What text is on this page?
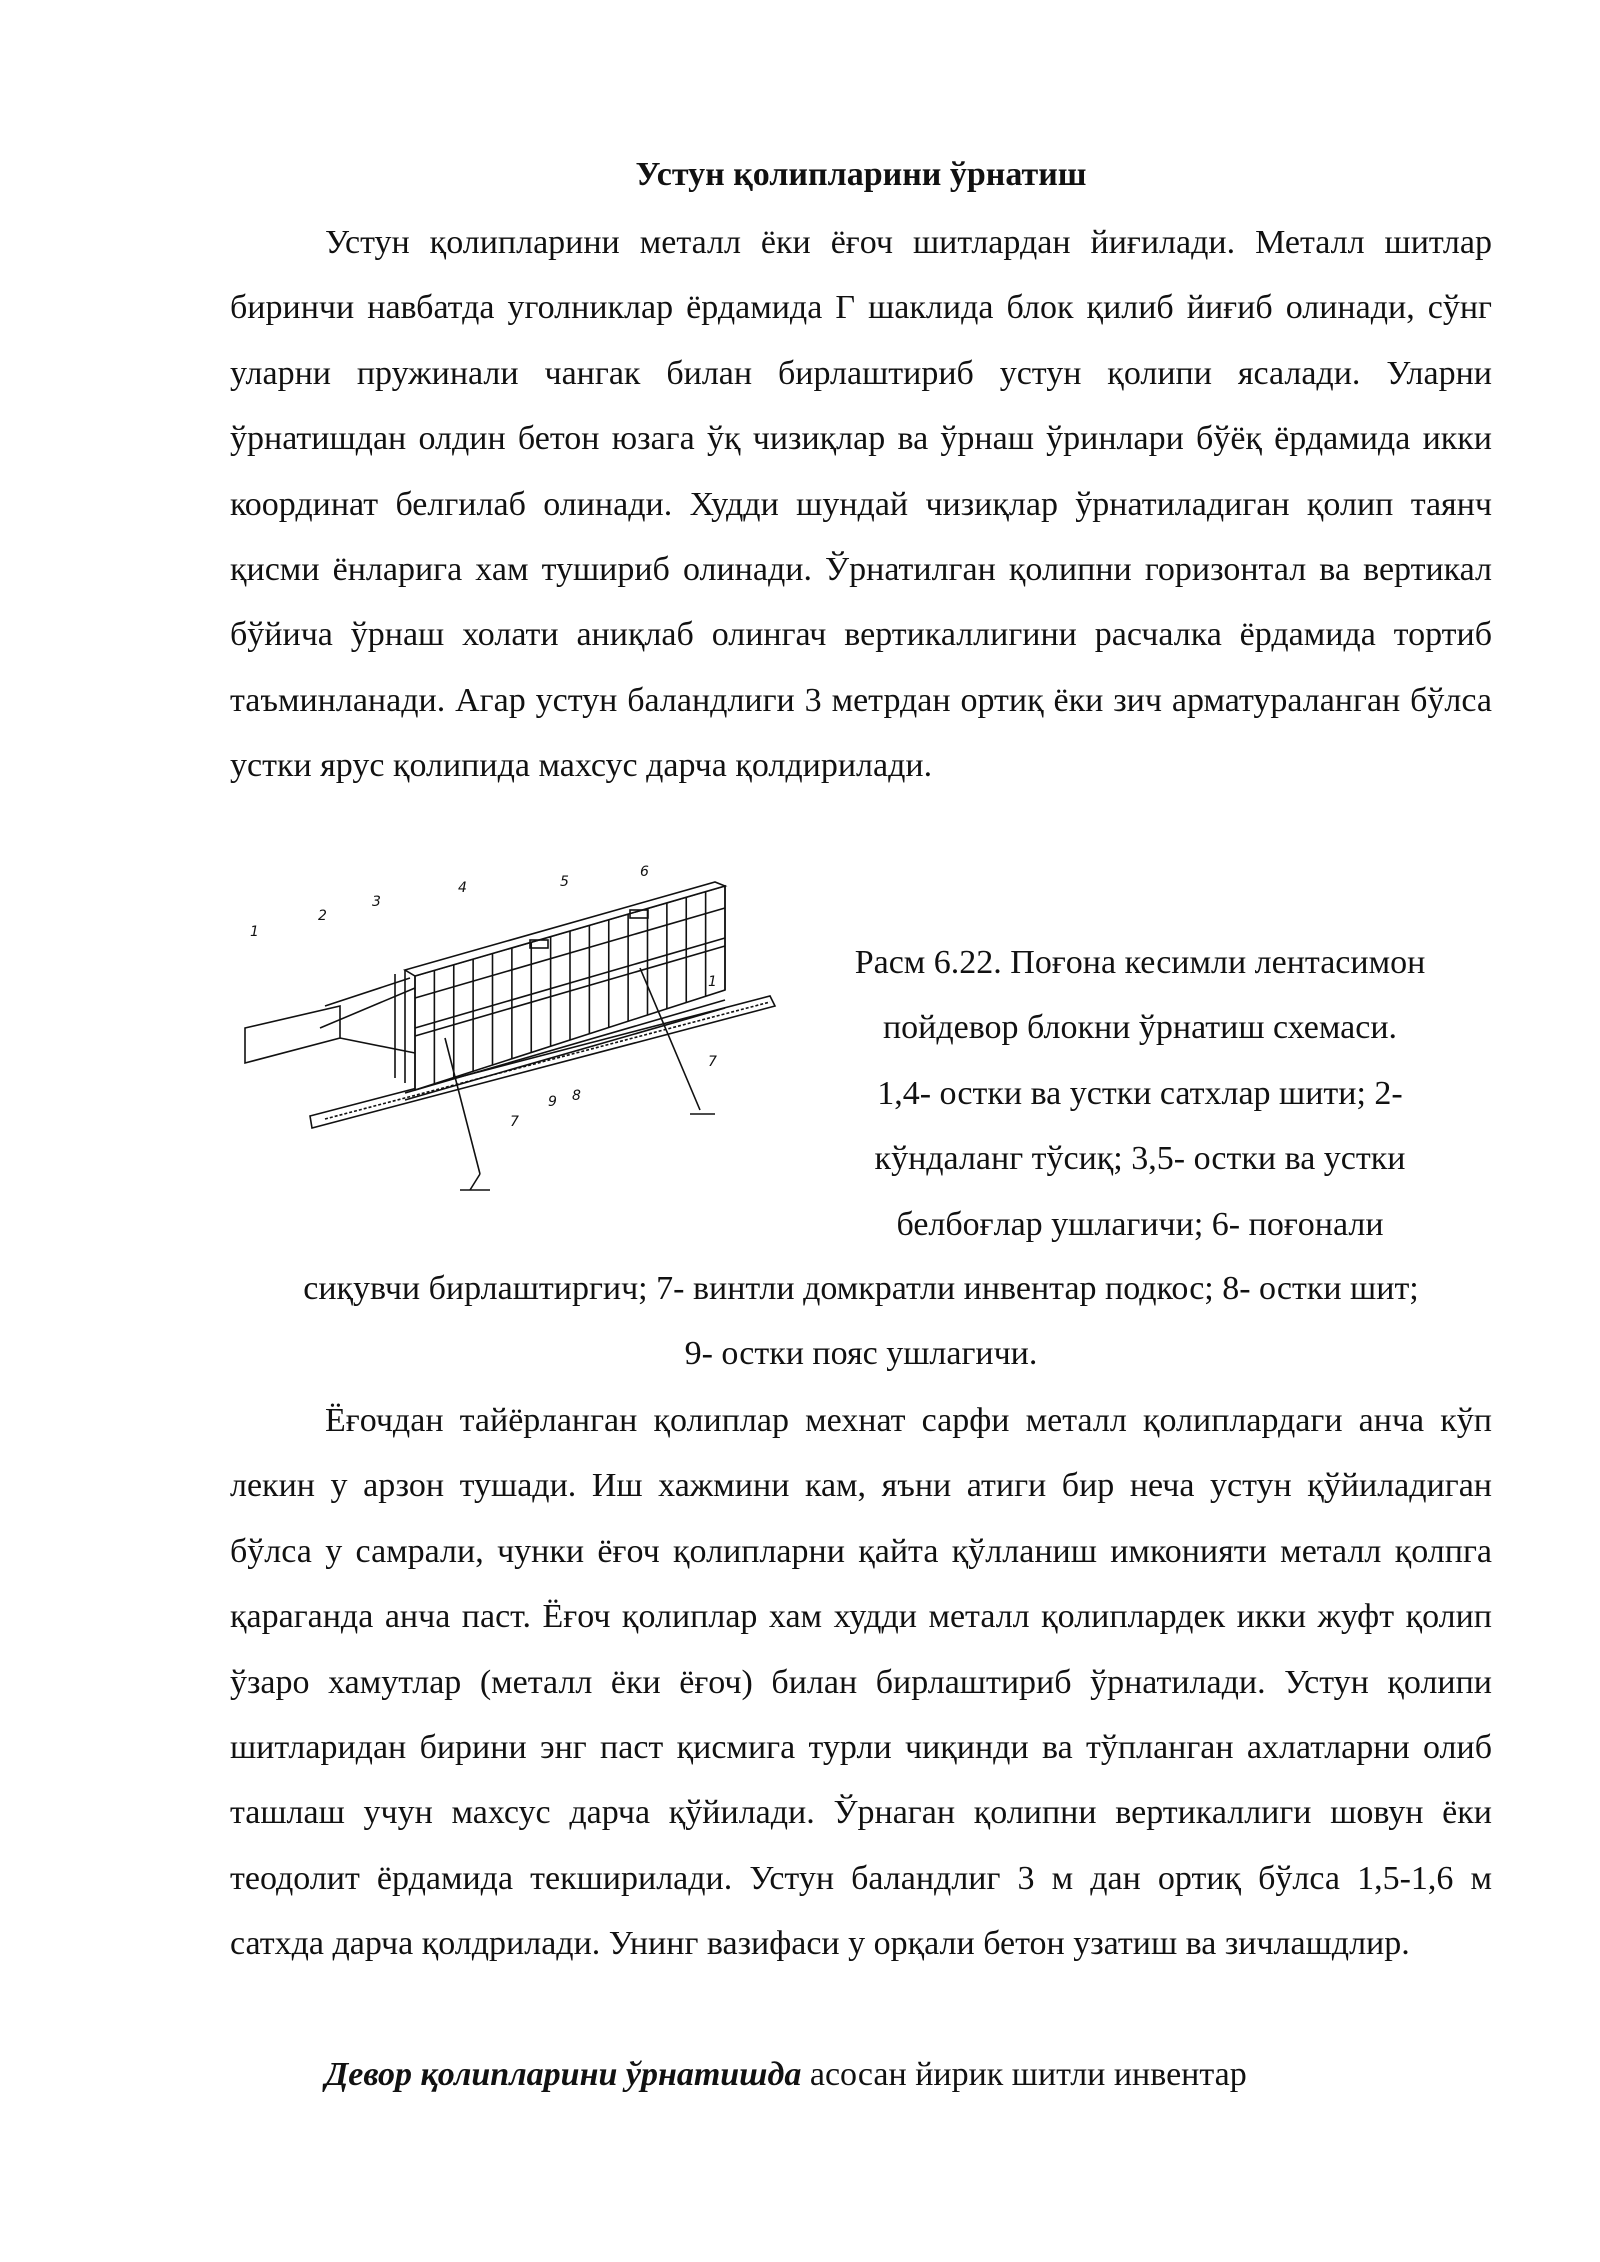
Устун қолипларини ўрнатиш

Устун қолипларини металл ёки ёғоч шитлардан йиғилади. Металл шитлар биринчи навбатда уголниклар ёрдамида Г шаклида блок қилиб йиғиб олинади, сўнг уларни пружинали чангак билан бирлаштириб устун қолипи ясалади. Уларни ўрнатишдан олдин бетон юзага ўқ чизиқлар ва ўрнаш ўринлари бўёқ ёрдамида икки координат белгилаб олинади. Худди шундай чизиқлар ўрнатиладиган қолип таянч қисми ёнларига хам тушириб олинади. Ўрнатилган қолипни горизонтал ва вертикал бўйича ўрнаш холати аниқлаб олингач вертикаллигини расчалка ёрдамида тортиб таъминланади. Агар устун баландлиги 3 метрдан ортиқ ёки зич арматураланган бўлса устки ярус қолипида махсус дарча қолдирилади.

Ёғочдан тайёрланган қолиплар мехнат сарфи металл қолиплардаги анча кўп лекин у арзон тушади. Иш хажмини кам, яъни атиги бир неча устун қўйиладиган бўлса у самрали, чунки ёғоч қолипларни қайта қўлланиш имконияти металл қолпга қараганда анча паст. Ёғоч қолиплар хам худди металл қолиплардек икки жуфт қолип ўзаро хамутлар (металл ёки ёғоч) билан бирлаштириб ўрнатилади. Устун қолипи шитларидан бирини энг паст қисмига турли чиқинди ва тўпланган ахлатларни олиб ташлаш учун махсус дарча қўйилади. Ўрнаган қолипни вертикаллиги шовун ёки теодолит ёрдамида текширилади. Устун баландлиг 3 м дан ортиқ бўлса 1,5-1,6 м сатхда дарча қолдрилади. Унинг вазифаси у орқали бетон узатиш ва зичлашдлир.

Девор қолипларини ўрнатишда асосан йирик шитли инвентар

1
2
3
4	5
6
1
7
7
9 8

Расм 6.22. Поғона кесимли лентасимон
пойдевор блокни ўрнатиш схемаси.
1,4- остки ва устки сатхлар шити; 2-
кўндаланг тўсиқ; 3,5- остки ва устки
белбоғлар ушлагичи; 6- поғонали

сиқувчи бирлаштиргич; 7- винтли домкратли инвентар подкос; 8- остки шит;
9- остки пояс ушлагичи.
